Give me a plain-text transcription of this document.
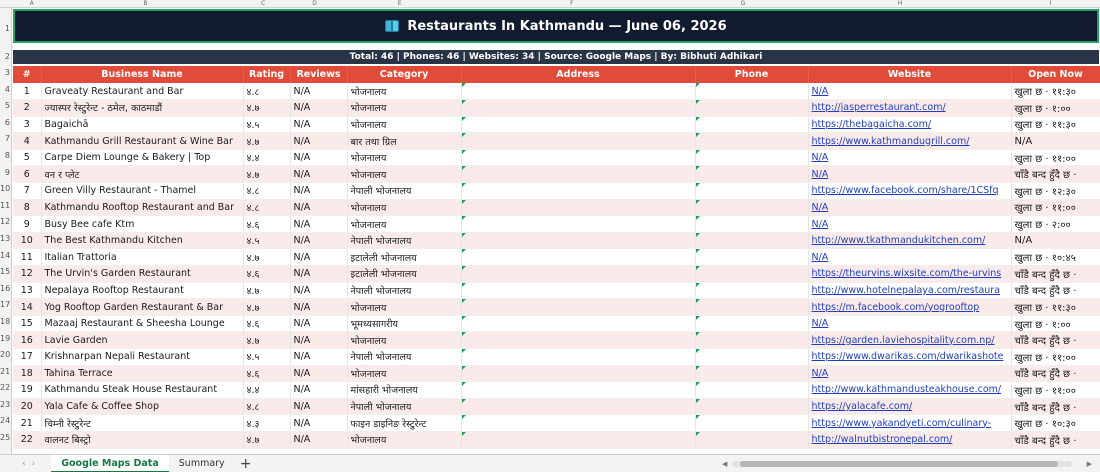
A	B	C	D	E	F	G	H	I
1
2
3
4
5
6
7
8
9
10
11
12
13
14
15
16
17
18
19
20
21
22
23
24
25
Restaurants In Kathmandu — June 06, 2026
Total: 46 | Phones: 46 | Websites: 34 | Source: Google Maps | By: Bibhuti Adhikari
#	Business Name	Rating	Reviews	Category	Address	Phone	Website	Open Now
1	Graveaty Restaurant and Bar	४.८	N/A	भोजनालय			N/A	खुला छ · ११:३०
2	ज्यास्पर रेस्टुरेन्ट - ठमेल, काठमाडौं	४.७	N/A	भोजनालय			http://jasperrestaurant.com/	खुला छ · १:००
3	Bagaichā	४.५	N/A	भोजनालय			https://thebagaicha.com/	खुला छ · ११:३०
4	Kathmandu Grill Restaurant & Wine Bar	४.७	N/A	बार तथा ग्रिल			https://www.kathmandugrill.com/	N/A
5	Carpe Diem Lounge & Bakery | Top	४.४	N/A	भोजनालय			N/A	खुला छ · ११:००
6	वन र प्लेट	४.७	N/A	भोजनालय			N/A	चाँडै बन्द हुँदै छ ·
7	Green Villy Restaurant - Thamel	४.८	N/A	नेपाली भोजनालय			https://www.facebook.com/share/1CSfq	खुला छ · १२:३०
8	Kathmandu Rooftop Restaurant and Bar	४.८	N/A	भोजनालय			N/A	खुला छ · ११:००
9	Busy Bee cafe Ktm	४.६	N/A	भोजनालय			N/A	खुला छ · २:००
10	The Best Kathmandu Kitchen	४.५	N/A	नेपाली भोजनालय			http://www.tkathmandukitchen.com/	N/A
11	Italian Trattoria	४.७	N/A	इटालेली भोजनालय			N/A	खुला छ · १०:४५
12	The Urvin's Garden Restaurant	४.६	N/A	इटालेली भोजनालय			https://theurvins.wixsite.com/the-urvins	चाँडै बन्द हुँदै छ ·
13	Nepalaya Rooftop Restaurant	४.७	N/A	नेपाली भोजनालय			http://www.hotelnepalaya.com/restaura	चाँडै बन्द हुँदै छ ·
14	Yog Rooftop Garden Restaurant & Bar	४.७	N/A	भोजनालय			https://m.facebook.com/yogrooftop	खुला छ · ११:३०
15	Mazaaj Restaurant & Sheesha Lounge	४.६	N/A	भूमध्यसागरीय			N/A	खुला छ · १:००
16	Lavie Garden	४.७	N/A	भोजनालय			https://garden.laviehospitality.com.np/	चाँडै बन्द हुँदै छ ·
17	Krishnarpan Nepali Restaurant	४.५	N/A	नेपाली भोजनालय			https://www.dwarikas.com/dwarikashote	खुला छ · ११:००
18	Tahina Terrace	४.६	N/A	भोजनालय			N/A	चाँडै बन्द हुँदै छ ·
19	Kathmandu Steak House Restaurant	४.४	N/A	मांसहारी भोजनालय			http://www.kathmandusteakhouse.com/	खुला छ · ११:००
20	Yala Cafe & Coffee Shop	४.८	N/A	नेपाली भोजनालय			https://yalacafe.com/	चाँडै बन्द हुँदै छ ·
21	चिम्नी रेस्टुरेन्ट	४.३	N/A	फाइन डाइनिङ रेस्टुरेन्ट			https://www.yakandyeti.com/culinary-	खुला छ · १०:३०
22	वालनट बिस्ट्रो	४.७	N/A	भोजनालय			http://walnutbistronepal.com/	चाँडै बन्द हुँदै छ ·
‹ ›	Google Maps Data	Summary	+	◀	▶
